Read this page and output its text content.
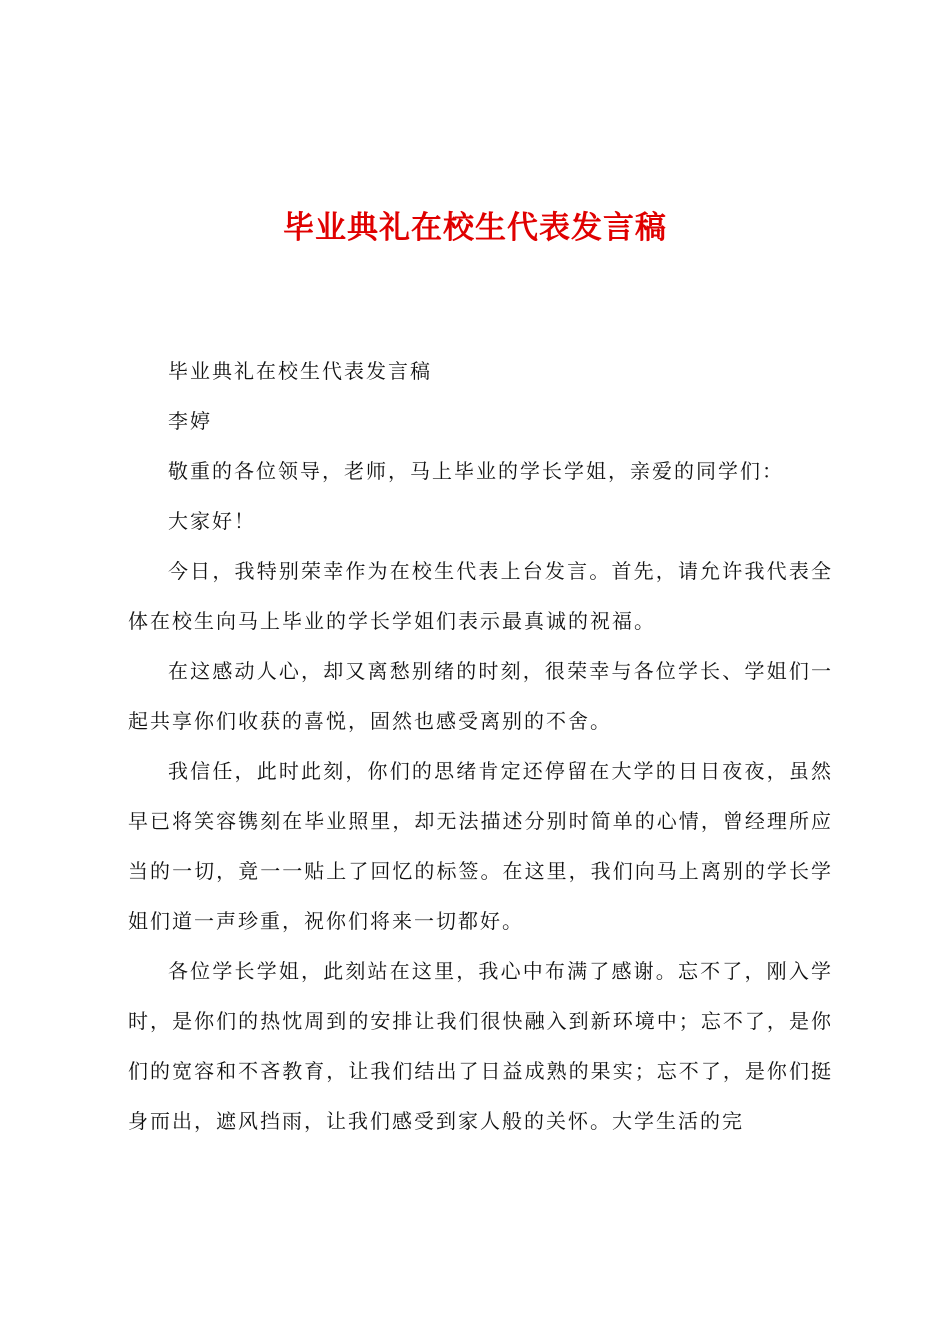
毕业典礼在校生代表发言稿

毕业典礼在校生代表发言稿

李婷

敬重的各位领导，老师，马上毕业的学长学姐，亲爱的同学们：

大家好！

今日，我特别荣幸作为在校生代表上台发言。首先，请允许我代表全体在校生向马上毕业的学长学姐们表示最真诚的祝福。

在这感动人心，却又离愁别绪的时刻，很荣幸与各位学长、学姐们一起共享你们收获的喜悦，固然也感受离别的不舍。

我信任，此时此刻，你们的思绪肯定还停留在大学的日日夜夜，虽然早已将笑容镌刻在毕业照里，却无法描述分别时简单的心情，曾经理所应当的一切，竟一一贴上了回忆的标签。在这里，我们向马上离别的学长学姐们道一声珍重，祝你们将来一切都好。

各位学长学姐，此刻站在这里，我心中布满了感谢。忘不了，刚入学时，是你们的热忱周到的安排让我们很快融入到新环境中；忘不了，是你们的宽容和不吝教育，让我们结出了日益成熟的果实；忘不了，是你们挺身而出，遮风挡雨，让我们感受到家人般的关怀。大学生活的完
